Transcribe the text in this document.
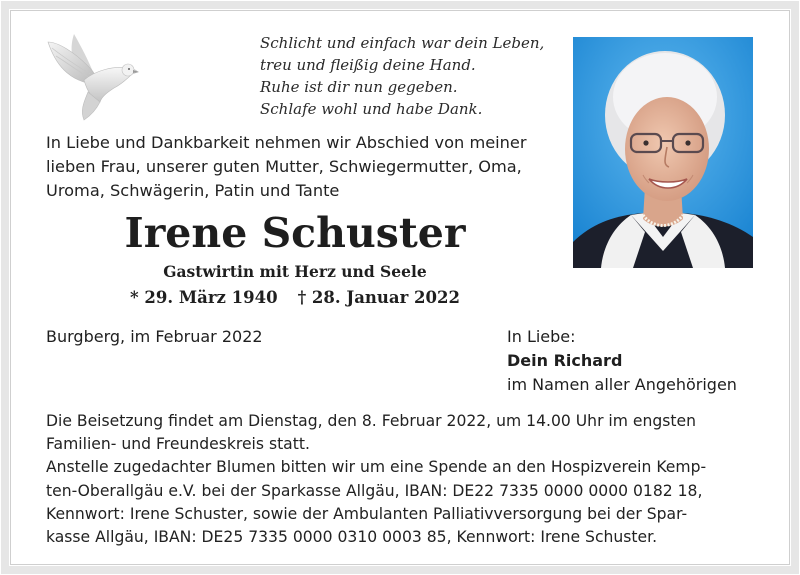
Schlicht und einfach war dein Leben,
treu und fleißig deine Hand.
Ruhe ist dir nun gegeben.
Schlafe wohl und habe Dank.
In Liebe und Dankbarkeit nehmen wir Abschied von meiner
lieben Frau, unserer guten Mutter, Schwiegermutter, Oma,
Uroma, Schwägerin, Patin und Tante
Irene Schuster
Gastwirtin mit Herz und Seele
* 29. März 1940 † 28. Januar 2022
Burgberg, im Februar 2022	In Liebe:
Dein Richard
im Namen aller Angehörigen
Die Beisetzung findet am Dienstag, den 8. Februar 2022, um 14.00 Uhr im engsten
Familien- und Freundeskreis statt.
Anstelle zugedachter Blumen bitten wir um eine Spende an den Hospizverein Kemp-
ten-Oberallgäu e.V. bei der Sparkasse Allgäu, IBAN: DE22 7335 0000 0000 0182 18,
Kennwort: Irene Schuster, sowie der Ambulanten Palliativversorgung bei der Spar-
kasse Allgäu, IBAN: DE25 7335 0000 0310 0003 85, Kennwort: Irene Schuster.
